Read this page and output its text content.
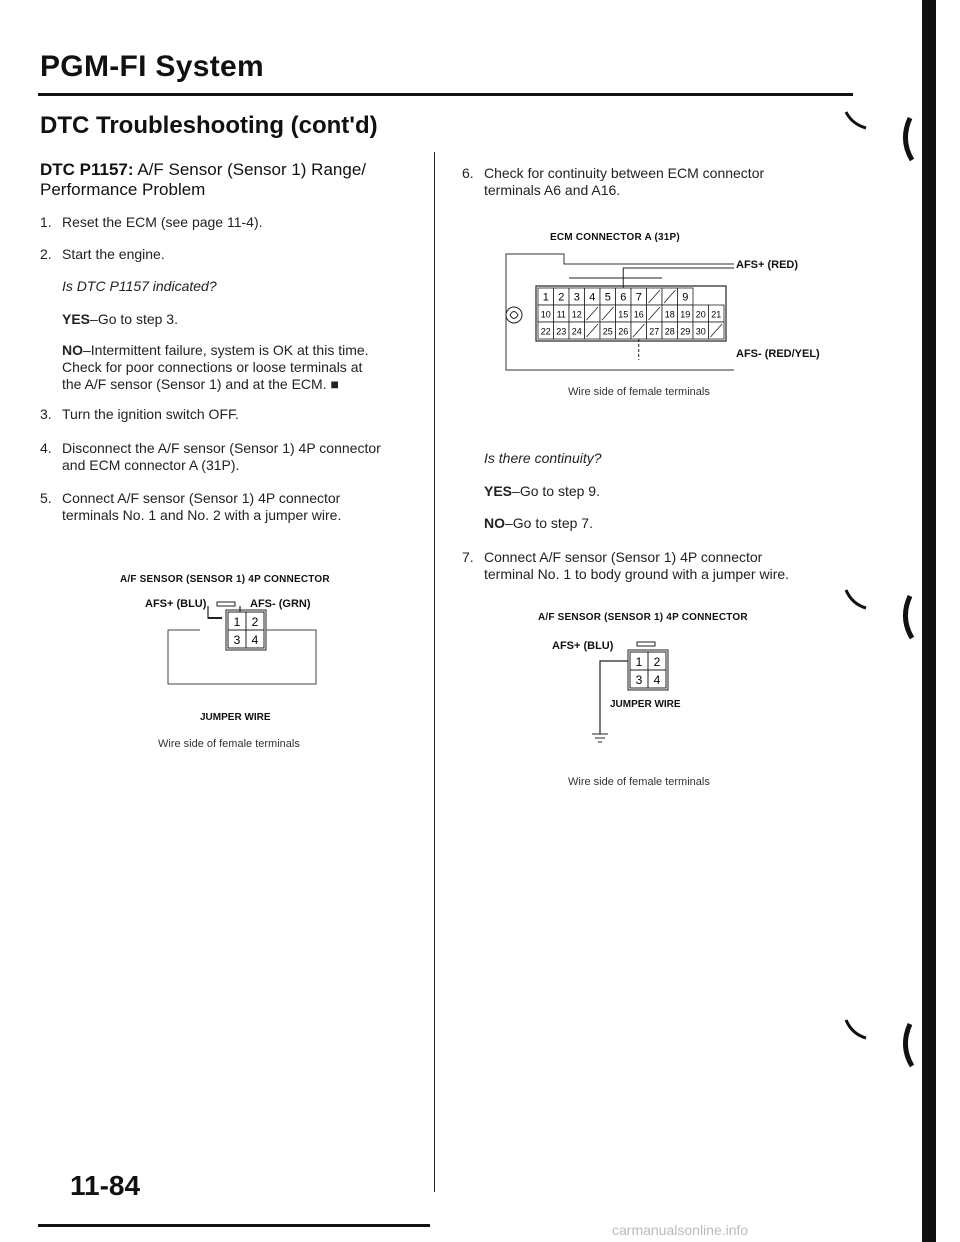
PGM-FI System
DTC Troubleshooting (cont'd)
DTC P1157: A/F Sensor (Sensor 1) Range/
Performance Problem
1. Reset the ECM (see page 11-4).
2. Start the engine.
Is DTC P1157 indicated?
YES–Go to step 3.
NO–Intermittent failure, system is OK at this time.
Check for poor connections or loose terminals at
the A/F sensor (Sensor 1) and at the ECM. ■
3. Turn the ignition switch OFF.
4. Disconnect the A/F sensor (Sensor 1) 4P connector
and ECM connector A (31P).
5. Connect A/F sensor (Sensor 1) 4P connector
terminals No. 1 and No. 2 with a jumper wire.
A/F SENSOR (SENSOR 1) 4P CONNECTOR
AFS+ (BLU)	AFS- (GRN)
1 2
3 4
JUMPER WIRE
Wire side of female terminals
6. Check for continuity between ECM connector
terminals A6 and A16.
ECM CONNECTOR A (31P)
1 2 3 4 5 6 7	9
10 11 12	15 16 18 19 20 21
22 23 24 25 26 27 28 29 30
AFS+ (RED)
AFS- (RED/YEL)
Wire side of female terminals
Is there continuity?
YES–Go to step 9.
NO–Go to step 7.
7. Connect A/F sensor (Sensor 1) 4P connector
terminal No. 1 to body ground with a jumper wire.
A/F SENSOR (SENSOR 1) 4P CONNECTOR
AFS+ (BLU)
1 2
3 4
JUMPER WIRE
Wire side of female terminals
11-84
carmanualsonline.info
